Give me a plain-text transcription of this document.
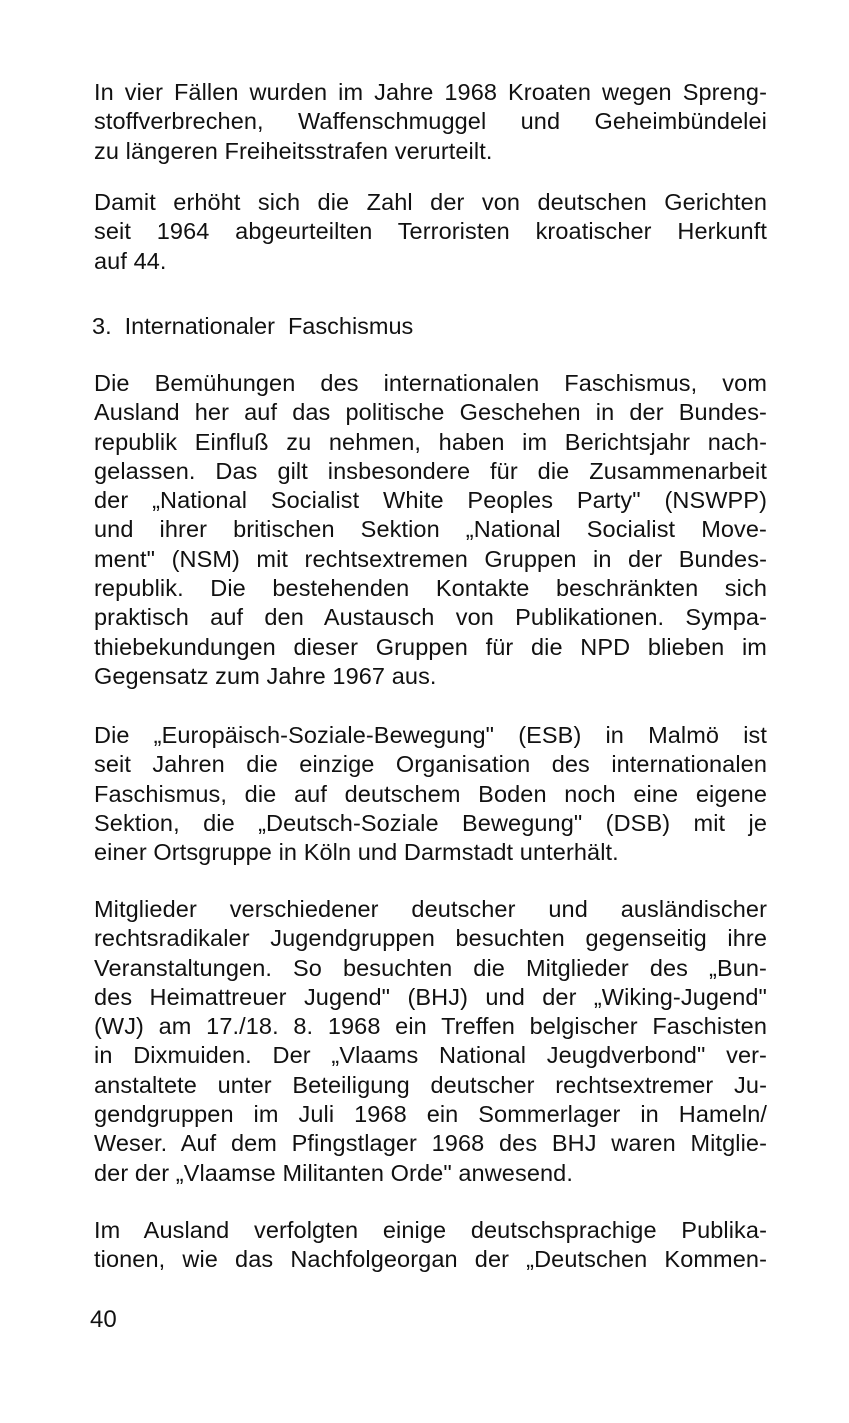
In vier Fällen wurden im Jahre 1968 Kroaten wegen Spreng-
stoffverbrechen, Waffenschmuggel und Geheimbündelei
zu längeren Freiheitsstrafen verurteilt.
Damit erhöht sich die Zahl der von deutschen Gerichten
seit 1964 abgeurteilten Terroristen kroatischer Herkunft
auf 44.
3.  Internationaler  Faschismus
Die Bemühungen des internationalen Faschismus, vom
Ausland her auf das politische Geschehen in der Bundes-
republik Einfluß zu nehmen, haben im Berichtsjahr nach-
gelassen. Das gilt insbesondere für die Zusammenarbeit
der „National Socialist White Peoples Party" (NSWPP)
und ihrer britischen Sektion „National Socialist Move-
ment" (NSM) mit rechtsextremen Gruppen in der Bundes-
republik. Die bestehenden Kontakte beschränkten sich
praktisch auf den Austausch von Publikationen. Sympa-
thiebekundungen dieser Gruppen für die NPD blieben im
Gegensatz zum Jahre 1967 aus.
Die „Europäisch-Soziale-Bewegung" (ESB) in Malmö ist
seit Jahren die einzige Organisation des internationalen
Faschismus, die auf deutschem Boden noch eine eigene
Sektion, die „Deutsch-Soziale Bewegung" (DSB) mit je
einer Ortsgruppe in Köln und Darmstadt unterhält.
Mitglieder verschiedener deutscher und ausländischer
rechtsradikaler Jugendgruppen besuchten gegenseitig ihre
Veranstaltungen. So besuchten die Mitglieder des „Bun-
des Heimattreuer Jugend" (BHJ) und der „Wiking-Jugend"
(WJ) am 17./18. 8. 1968 ein Treffen belgischer Faschisten
in Dixmuiden. Der „Vlaams National Jeugdverbond" ver-
anstaltete unter Beteiligung deutscher rechtsextremer Ju-
gendgruppen im Juli 1968 ein Sommerlager in Hameln/
Weser. Auf dem Pfingstlager 1968 des BHJ waren Mitglie-
der der „Vlaamse Militanten Orde" anwesend.
Im Ausland verfolgten einige deutschsprachige Publika-
tionen, wie das Nachfolgeorgan der „Deutschen Kommen-
40
